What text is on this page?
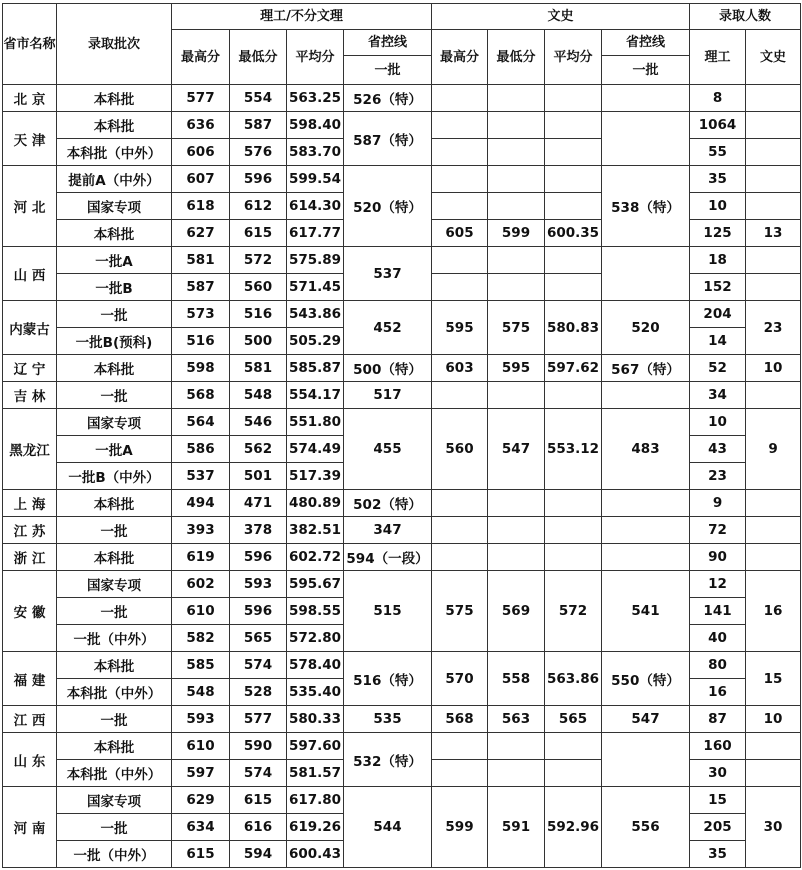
省市名称	录取批次	理工/不分文理				文史				录取人数	
		最高分	最低分	平均分	省控线	最高分	最低分	平均分	省控线	理工	文史
					一批				一批		
北 京	本科批	577	554	563.25	526（特）					8	
天 津	本科批	636	587	598.40	587（特）					1064	
	本科批（中外）	606	576	583.70						55	
河 北	提前A（中外）	607	596	599.54	520（特）				538（特）	35	
	国家专项	618	612	614.30						10	
	本科批	627	615	617.77		605	599	600.35		125	13
山 西	一批A	581	572	575.89	537					18	
	一批B	587	560	571.45						152	
内蒙古	一批	573	516	543.86	452	595	575	580.83	520	204	23
	一批B(预科)	516	500	505.29						14	
辽 宁	本科批	598	581	585.87	500（特）	603	595	597.62	567（特）	52	10
吉 林	一批	568	548	554.17	517					34	
黑龙江	国家专项	564	546	551.80	455	560	547	553.12	483	10	9
	一批A	586	562	574.49						43	
	一批B（中外）	537	501	517.39						23	
上 海	本科批	494	471	480.89	502（特）					9	
江 苏	一批	393	378	382.51	347					72	
浙 江	本科批	619	596	602.72	594（一段）					90	
安 徽	国家专项	602	593	595.67	515	575	569	572	541	12	16
	一批	610	596	598.55						141	
	一批（中外）	582	565	572.80						40	
福 建	本科批	585	574	578.40	516（特）	570	558	563.86	550（特）	80	15
	本科批（中外）	548	528	535.40						16	
江 西	一批	593	577	580.33	535	568	563	565	547	87	10
山 东	本科批	610	590	597.60	532（特）					160	
	本科批（中外）	597	574	581.57						30	
河 南	国家专项	629	615	617.80	544	599	591	592.96	556	15	30
	一批	634	616	619.26						205	
	一批（中外）	615	594	600.43						35	
